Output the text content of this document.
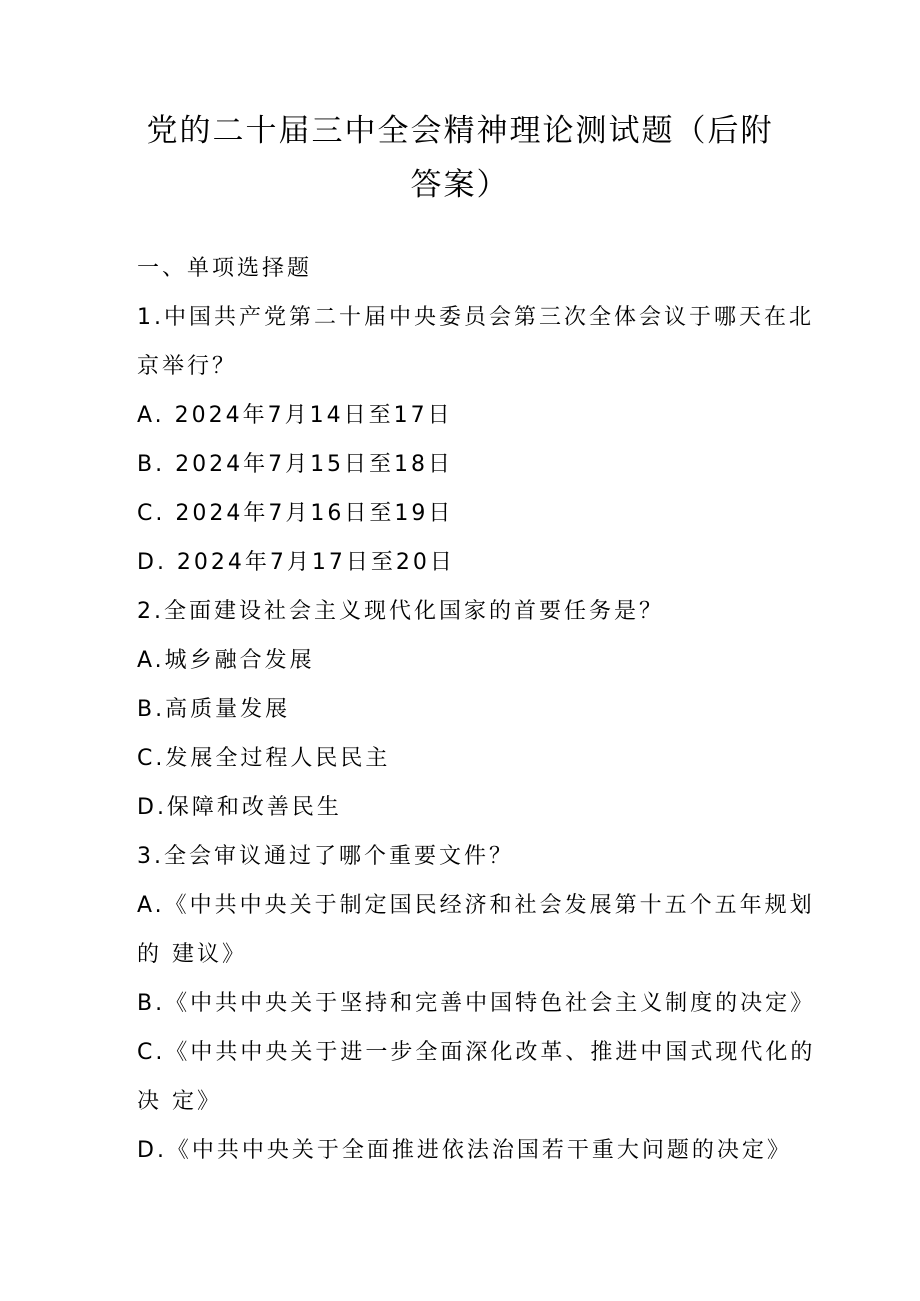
党的二十届三中全会精神理论测试题（后附
答案）
一、单项选择题
1.中国共产党第二十届中央委员会第三次全体会议于哪天在北
京举行？
A. 2024年7月14日至17日
B. 2024年7月15日至18日
C. 2024年7月16日至19日
D. 2024年7月17日至20日
2.全面建设社会主义现代化国家的首要任务是？
A.城乡融合发展
B.高质量发展
C.发展全过程人民民主
D.保障和改善民生
3.全会审议通过了哪个重要文件？
A.《中共中央关于制定国民经济和社会发展第十五个五年规划
的 建议》
B.《中共中央关于坚持和完善中国特色社会主义制度的决定》
C.《中共中央关于进一步全面深化改革、推进中国式现代化的
决 定》
D.《中共中央关于全面推进依法治国若干重大问题的决定》
